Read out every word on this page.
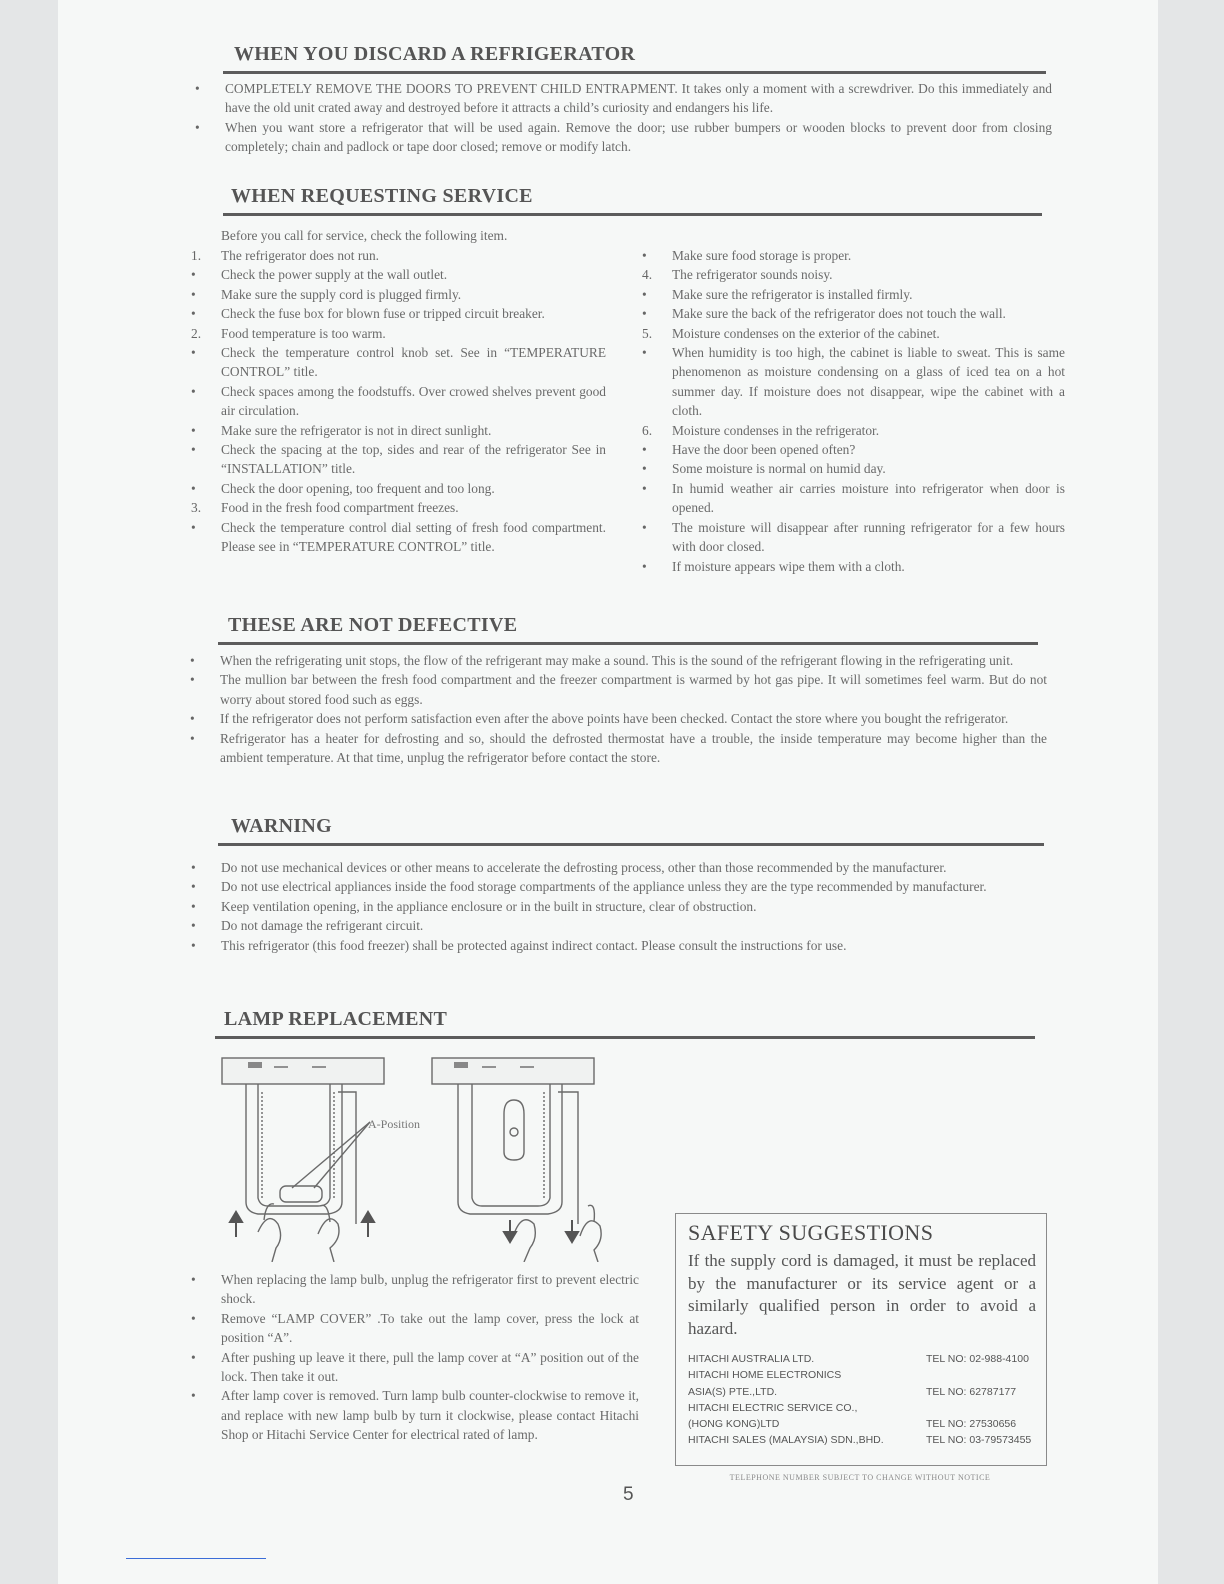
WHEN YOU DISCARD A REFRIGERATOR
•	COMPLETELY REMOVE THE DOORS TO PREVENT CHILD ENTRAPMENT. It takes only a moment with a screwdriver. Do this immediately and have the old unit crated away and destroyed before it attracts a child’s curiosity and endangers his life.
•	When you want store a refrigerator that will be used again. Remove the door; use rubber bumpers or wooden blocks to prevent door from closing completely; chain and padlock or tape door closed; remove or modify latch.
WHEN REQUESTING SERVICE
Before you call for service, check the following item.
1.	The refrigerator does not run.
•	Check the power supply at the wall outlet.
•	Make sure the supply cord is plugged firmly.
•	Check the fuse box for blown fuse or tripped circuit breaker.
2.	Food temperature is too warm.
•	Check the temperature control knob set. See in “TEMPERATURE CONTROL” title.
•	Check spaces among the foodstuffs. Over crowed shelves prevent good air circulation.
•	Make sure the refrigerator is not in direct sunlight.
•	Check the spacing at the top, sides and rear of the refrigerator See in “INSTALLATION” title.
•	Check the door opening, too frequent and too long.
3.	Food in the fresh food compartment freezes.
•	Check the temperature control dial setting of fresh food compartment. Please see in “TEMPERATURE CONTROL” title.
•	Make sure food storage is proper.
4.	The refrigerator sounds noisy.
•	Make sure the refrigerator is installed firmly.
•	Make sure the back of the refrigerator does not touch the wall.
5.	Moisture condenses on the exterior of the cabinet.
•	When humidity is too high, the cabinet is liable to sweat. This is same phenomenon as moisture condensing on a glass of iced tea on a hot summer day. If moisture does not disappear, wipe the cabinet with a cloth.
6.	Moisture condenses in the refrigerator.
•	Have the door been opened often?
•	Some moisture is normal on humid day.
•	In humid weather air carries moisture into refrigerator when door is opened.
•	The moisture will disappear after running refrigerator for a few hours with door closed.
•	If moisture appears wipe them with a cloth.
THESE ARE NOT DEFECTIVE
•	When the refrigerating unit stops, the flow of the refrigerant may make a sound. This is the sound of the refrigerant flowing in the refrigerating unit.
•	The mullion bar between the fresh food compartment and the freezer compartment is warmed by hot gas pipe. It will sometimes feel warm. But do not worry about stored food such as eggs.
•	If the refrigerator does not perform satisfaction even after the above points have been checked. Contact the store where you bought the refrigerator.
•	Refrigerator has a heater for defrosting and so, should the defrosted thermostat have a trouble, the inside temperature may become higher than the ambient temperature. At that time, unplug the refrigerator before contact the store.
WARNING
•	Do not use mechanical devices or other means to accelerate the defrosting process, other than those recommended by the manufacturer.
•	Do not use electrical appliances inside the food storage compartments of the appliance unless they are the type recommended by manufacturer.
•	Keep ventilation opening, in the appliance enclosure or in the built in structure, clear of obstruction.
•	Do not damage the refrigerant circuit.
•	This refrigerator (this food freezer) shall be protected against indirect contact. Please consult the instructions for use.
LAMP REPLACEMENT
A-Position
•	When replacing the lamp bulb, unplug the refrigerator first to prevent electric shock.
•	Remove “LAMP COVER” .To take out the lamp cover, press the lock at position “A”.
•	After pushing up leave it there, pull the lamp cover at “A” position out of the lock. Then take it out.
•	After lamp cover is removed. Turn lamp bulb counter-clockwise to remove it, and replace with new lamp bulb by turn it clockwise, please contact Hitachi Shop or Hitachi Service Center for electrical rated of lamp.
SAFETY SUGGESTIONS

If the supply cord is damaged, it must be replaced by the manufacturer or its service agent or a similarly qualified person in order to avoid a hazard.

HITACHI AUSTRALIA LTD.	TEL NO: 02-988-4100
HITACHI HOME ELECTRONICS
ASIA(S) PTE.,LTD.	TEL NO: 62787177
HITACHI ELECTRIC SERVICE CO.,
(HONG KONG)LTD	TEL NO: 27530656
HITACHI SALES (MALAYSIA) SDN.,BHD.	TEL NO: 03-79573455
TELEPHONE NUMBER SUBJECT TO CHANGE WITHOUT NOTICE
5
